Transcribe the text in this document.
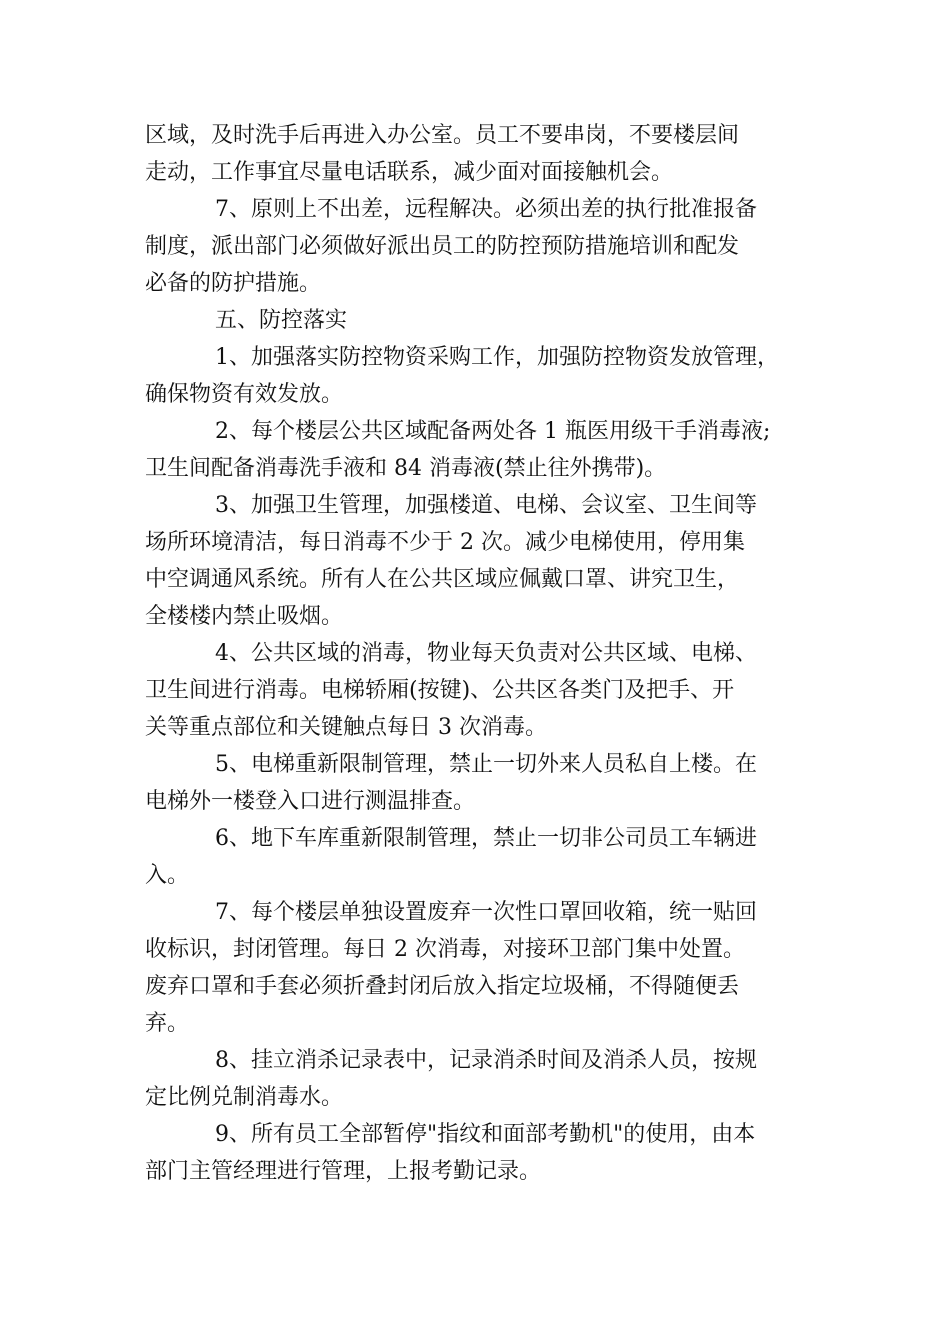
区域，及时洗手后再进入办公室。员工不要串岗，不要楼层间
走动，工作事宜尽量电话联系，减少面对面接触机会。
7、原则上不出差，远程解决。必须出差的执行批准报备
制度，派出部门必须做好派出员工的防控预防措施培训和配发
必备的防护措施。
五、防控落实
1、加强落实防控物资采购工作，加强防控物资发放管理，
确保物资有效发放。
2、每个楼层公共区域配备两处各 1 瓶医用级干手消毒液;
卫生间配备消毒洗手液和 84 消毒液(禁止往外携带)。
3、加强卫生管理，加强楼道、电梯、会议室、卫生间等
场所环境清洁，每日消毒不少于 2 次。减少电梯使用，停用集
中空调通风系统。所有人在公共区域应佩戴口罩、讲究卫生，
全楼楼内禁止吸烟。
4、公共区域的消毒，物业每天负责对公共区域、电梯、
卫生间进行消毒。电梯轿厢(按键)、公共区各类门及把手、开
关等重点部位和关键触点每日 3 次消毒。
5、电梯重新限制管理，禁止一切外来人员私自上楼。在
电梯外一楼登入口进行测温排查。
6、地下车库重新限制管理，禁止一切非公司员工车辆进
入。
7、每个楼层单独设置废弃一次性口罩回收箱，统一贴回
收标识，封闭管理。每日 2 次消毒，对接环卫部门集中处置。
废弃口罩和手套必须折叠封闭后放入指定垃圾桶，不得随便丢
弃。
8、挂立消杀记录表中，记录消杀时间及消杀人员，按规
定比例兑制消毒水。
9、所有员工全部暂停"指纹和面部考勤机"的使用，由本
部门主管经理进行管理，上报考勤记录。
